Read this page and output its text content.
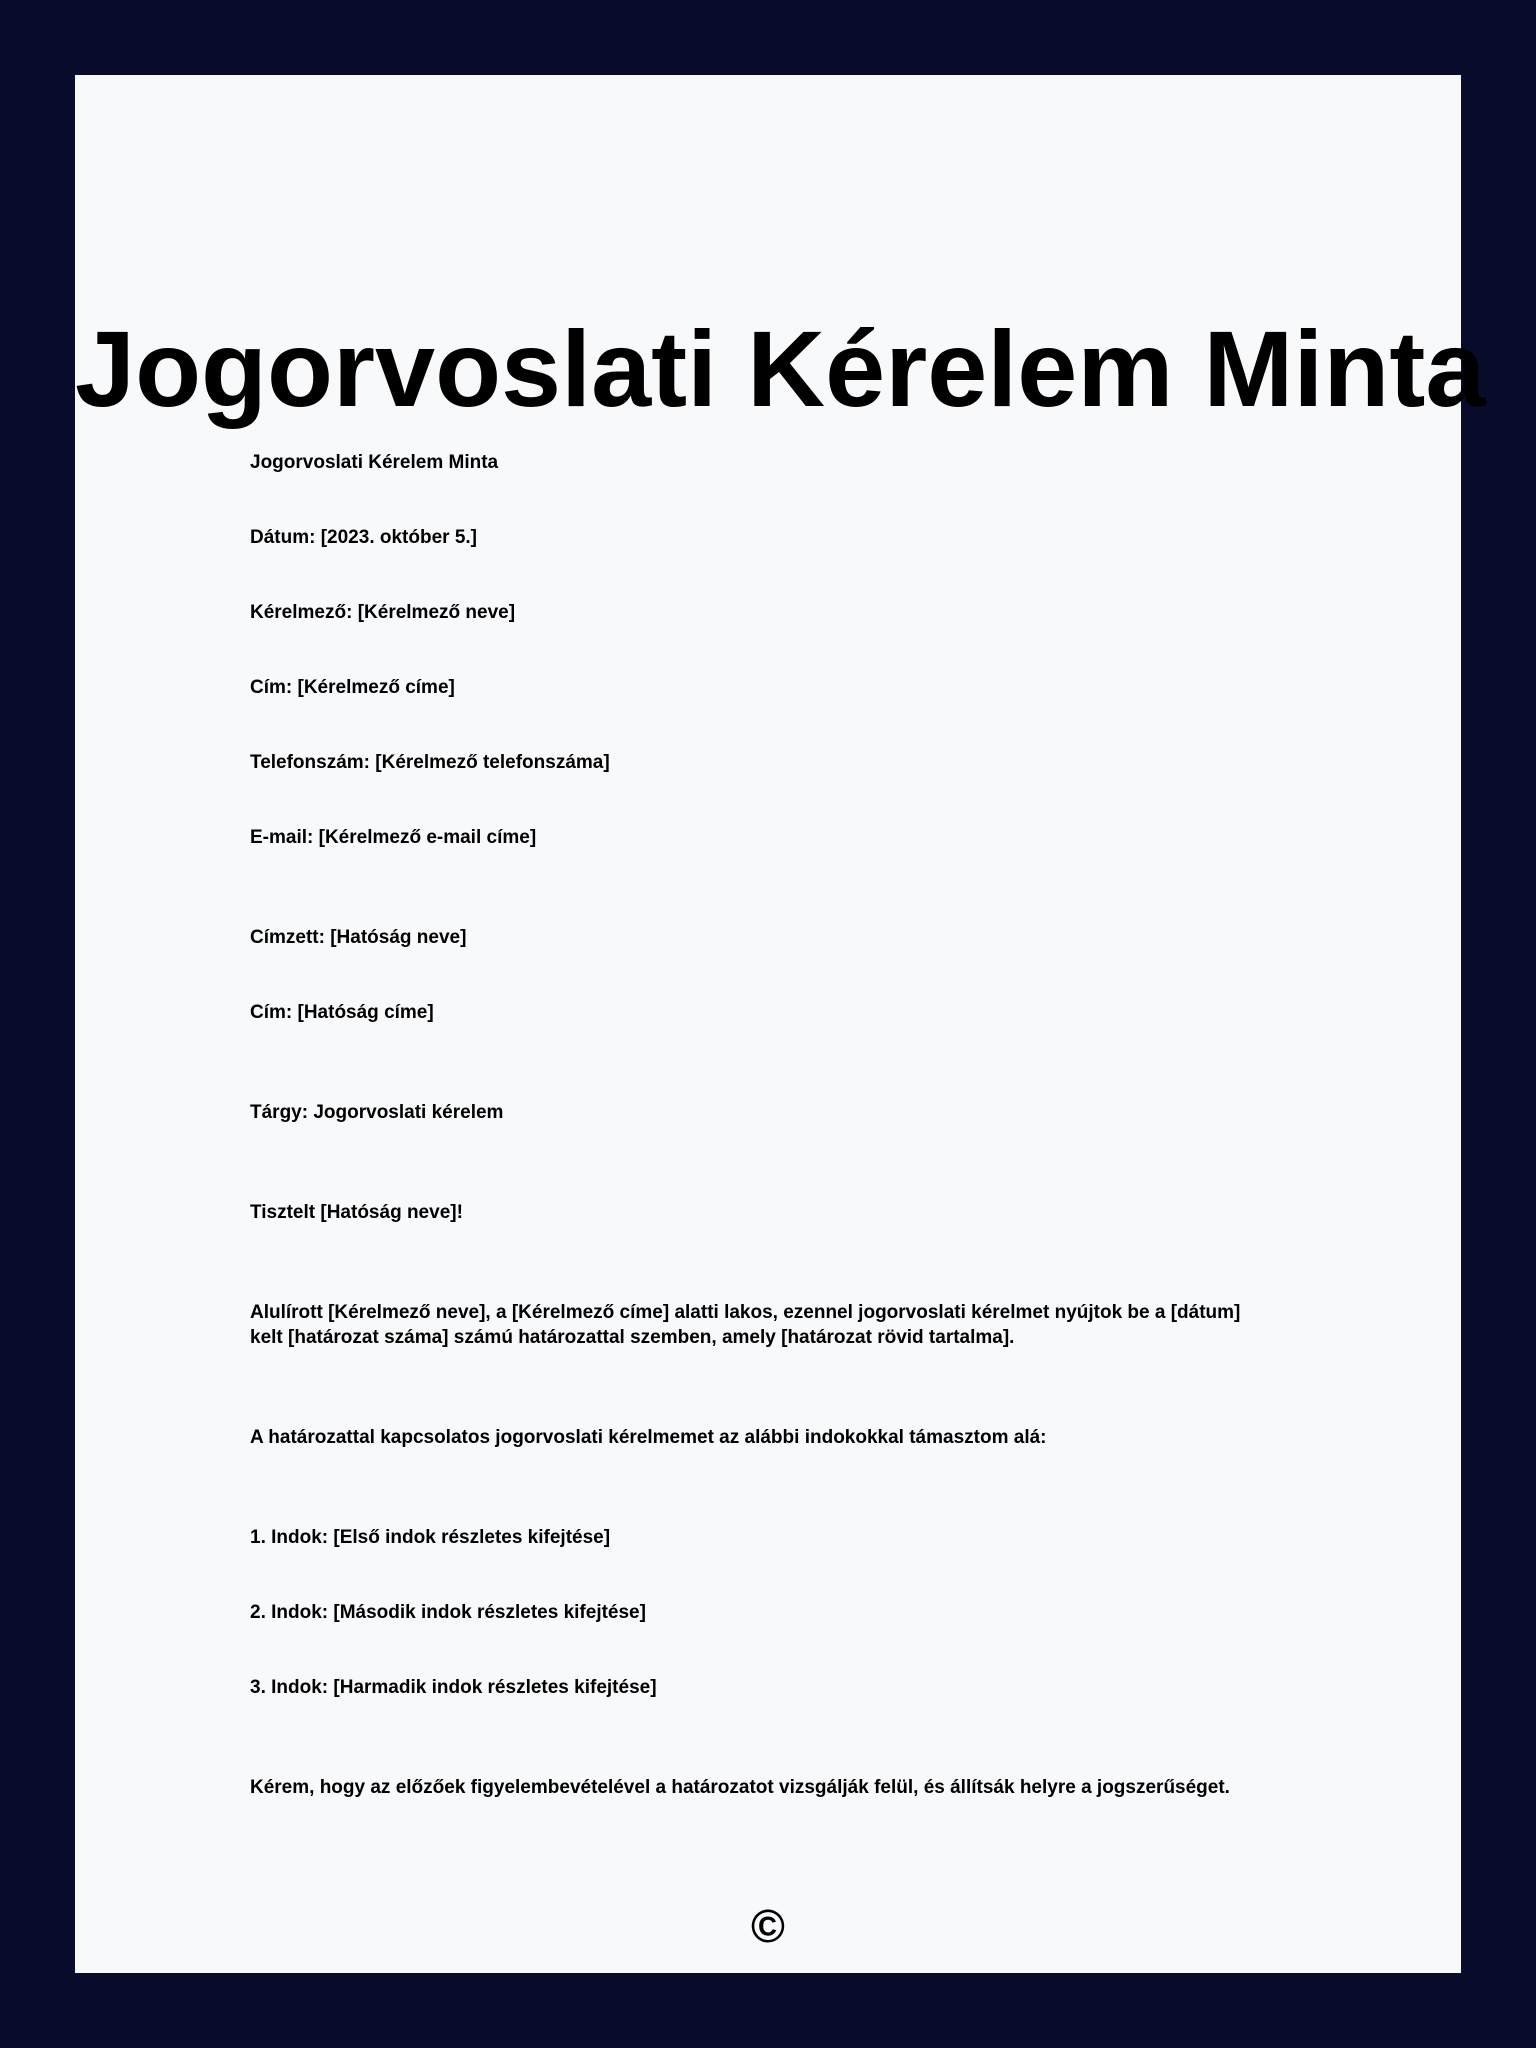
Jogorvoslati Kérelem Minta

Jogorvoslati Kérelem Minta

Dátum: [2023. október 5.]

Kérelmező: [Kérelmező neve]

Cím: [Kérelmező címe]

Telefonszám: [Kérelmező telefonszáma]

E-mail: [Kérelmező e-mail címe]

Címzett: [Hatóság neve]

Cím: [Hatóság címe]

Tárgy: Jogorvoslati kérelem

Tisztelt [Hatóság neve]!

Alulírott [Kérelmező neve], a [Kérelmező címe] alatti lakos, ezennel jogorvoslati kérelmet nyújtok be a [dátum] kelt [határozat száma] számú határozattal szemben, amely [határozat rövid tartalma].

A határozattal kapcsolatos jogorvoslati kérelmemet az alábbi indokokkal támasztom alá:

1. Indok: [Első indok részletes kifejtése]

2. Indok: [Második indok részletes kifejtése]

3. Indok: [Harmadik indok részletes kifejtése]

Kérem, hogy az előzőek figyelembevételével a határozatot vizsgálják felül, és állítsák helyre a jogszerűséget.

©
